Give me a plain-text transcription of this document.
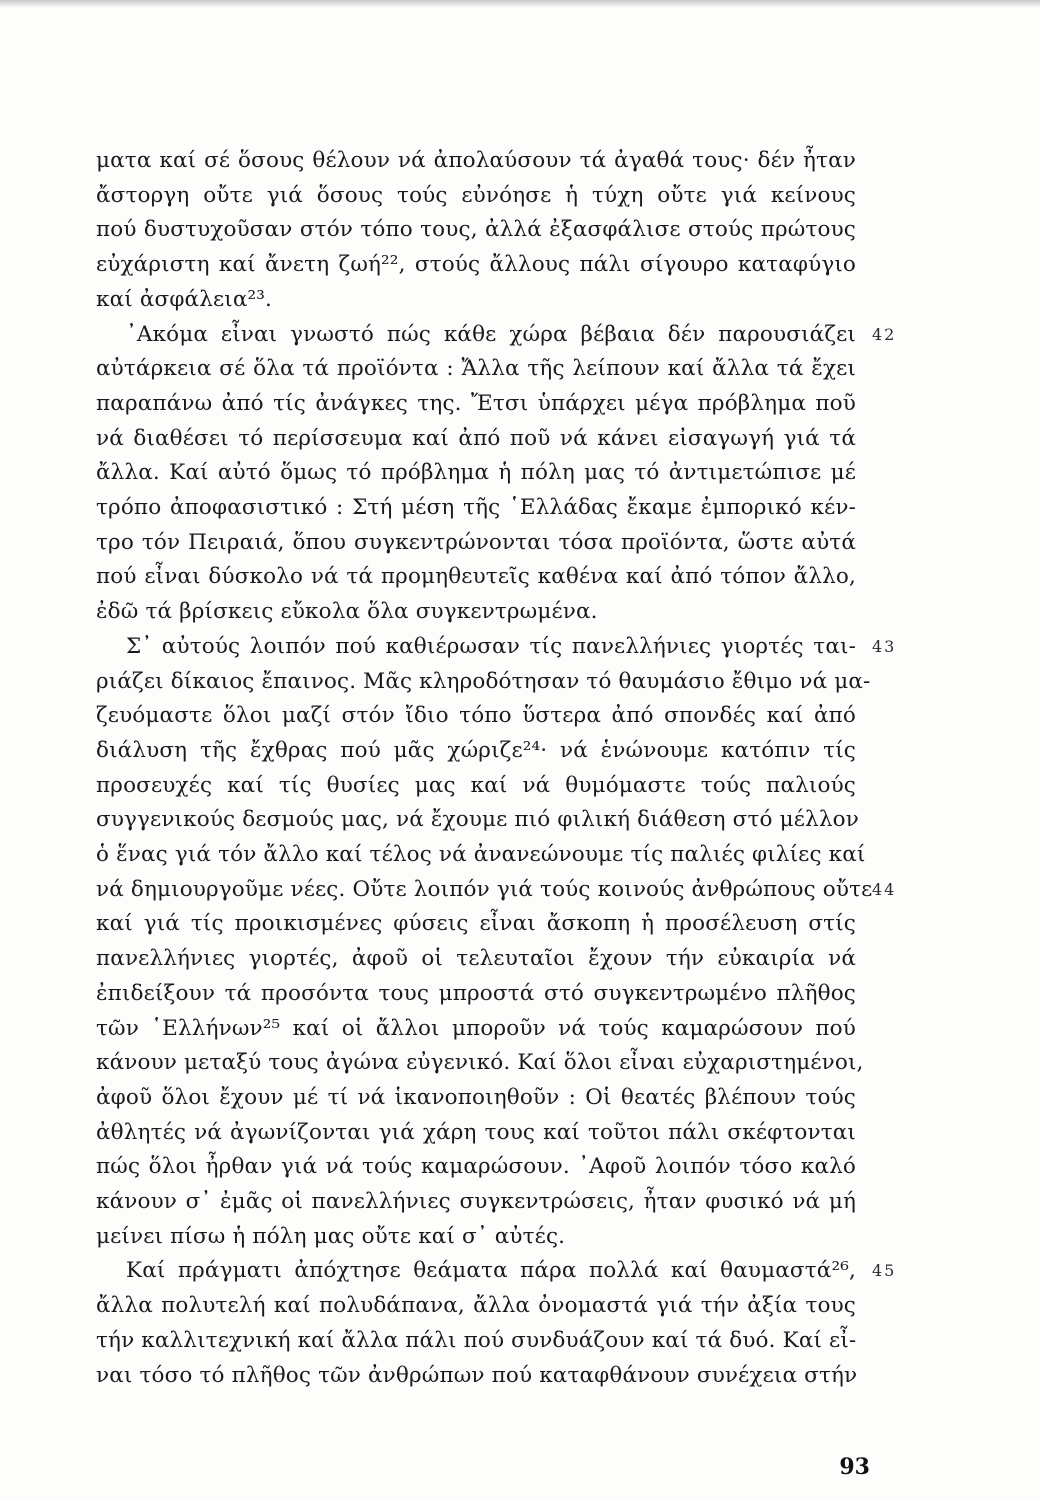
ματα καί σέ ὅσους θέλουν νά ἀπολαύσουν τά ἀγαθά τους· δέν ἦταν
ἄστοργη οὔτε γιά ὅσους τούς εὐνόησε ἡ τύχη οὔτε γιά κείνους
πού δυστυχοῦσαν στόν τόπο τους, ἀλλά ἐξασφάλισε στούς πρώτους
εὐχάριστη καί ἄνετη ζωή²², στούς ἄλλους πάλι σίγουρο καταφύγιο
καί ἀσφάλεια²³.
᾿Ακόμα εἶναι γνωστό πώς κάθε χώρα βέβαια δέν παρουσιάζει
αὐτάρκεια σέ ὅλα τά προϊόντα : Ἄλλα τῆς λείπουν καί ἄλλα τά ἔχει
παραπάνω ἀπό τίς ἀνάγκες της. Ἔτσι ὑπάρχει μέγα πρόβλημα ποῦ
νά διαθέσει τό περίσσευμα καί ἀπό ποῦ νά κάνει εἰσαγωγή γιά τά
ἄλλα. Καί αὐτό ὅμως τό πρόβλημα ἡ πόλη μας τό ἀντιμετώπισε μέ
τρόπο ἀποφασιστικό : Στή μέση τῆς ῾Ελλάδας ἔκαμε ἐμπορικό κέν-
τρο τόν Πειραιά, ὅπου συγκεντρώνονται τόσα προϊόντα, ὥστε αὐτά
πού εἶναι δύσκολο νά τά προμηθευτεῖς καθένα καί ἀπό τόπον ἄλλο,
ἐδῶ τά βρίσκεις εὔκολα ὅλα συγκεντρωμένα.
Σ᾿ αὐτούς λοιπόν πού καθιέρωσαν τίς πανελλήνιες γιορτές ται-
ριάζει δίκαιος ἔπαινος. Μᾶς κληροδότησαν τό θαυμάσιο ἔθιμο νά μα-
ζευόμαστε ὅλοι μαζί στόν ἴδιο τόπο ὕστερα ἀπό σπονδές καί ἀπό
διάλυση τῆς ἔχθρας πού μᾶς χώριζε²⁴· νά ἑνώνουμε κατόπιν τίς
προσευχές καί τίς θυσίες μας καί νά θυμόμαστε τούς παλιούς
συγγενικούς δεσμούς μας, νά ἔχουμε πιό φιλική διάθεση στό μέλλον
ὁ ἕνας γιά τόν ἄλλο καί τέλος νά ἀνανεώνουμε τίς παλιές φιλίες καί
νά δημιουργοῦμε νέες. Οὔτε λοιπόν γιά τούς κοινούς ἀνθρώπους οὔτε
καί γιά τίς προικισμένες φύσεις εἶναι ἄσκοπη ἡ προσέλευση στίς
πανελλήνιες γιορτές, ἀφοῦ οἱ τελευταῖοι ἔχουν τήν εὐκαιρία νά
ἐπιδείξουν τά προσόντα τους μπροστά στό συγκεντρωμένο πλῆθος
τῶν ῾Ελλήνων²⁵ καί οἱ ἄλλοι μποροῦν νά τούς καμαρώσουν πού
κάνουν μεταξύ τους ἀγώνα εὐγενικό. Καί ὅλοι εἶναι εὐχαριστημένοι,
ἀφοῦ ὅλοι ἔχουν μέ τί νά ἱκανοποιηθοῦν : Οἱ θεατές βλέπουν τούς
ἀθλητές νά ἀγωνίζονται γιά χάρη τους καί τοῦτοι πάλι σκέφτονται
πώς ὅλοι ἦρθαν γιά νά τούς καμαρώσουν. ᾿Αφοῦ λοιπόν τόσο καλό
κάνουν σ᾿ ἐμᾶς οἱ πανελλήνιες συγκεντρώσεις, ἦταν φυσικό νά μή
μείνει πίσω ἡ πόλη μας οὔτε καί σ᾿ αὐτές.
Καί πράγματι ἀπόχτησε θεάματα πάρα πολλά καί θαυμαστά²⁶,
ἄλλα πολυτελή καί πολυδάπανα, ἄλλα ὀνομαστά γιά τήν ἀξία τους
τήν καλλιτεχνική καί ἄλλα πάλι πού συνδυάζουν καί τά δυό. Καί εἶ-
ναι τόσο τό πλῆθος τῶν ἀνθρώπων πού καταφθάνουν συνέχεια στήν
42
43
44
45
93
